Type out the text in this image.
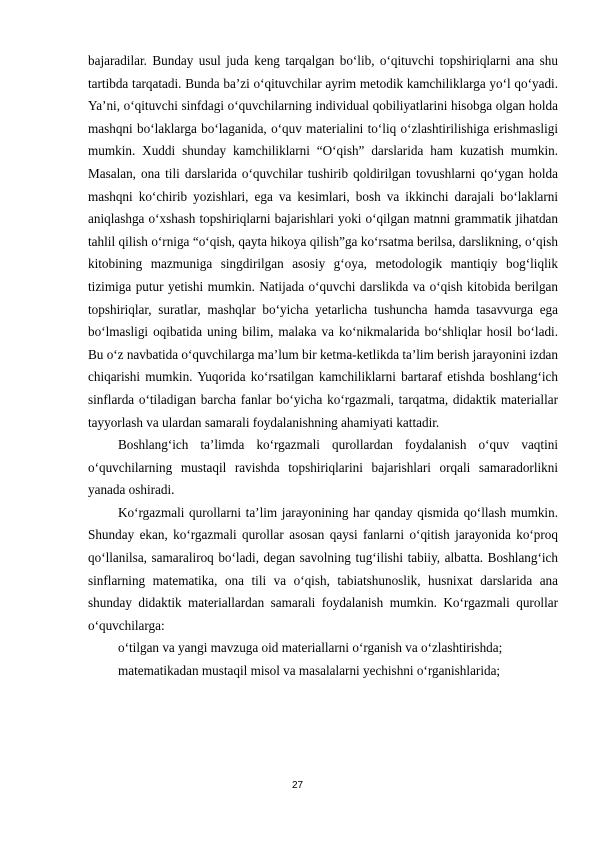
bajaradilar. Bunday usul juda keng tarqalgan bo‘lib, o‘qituvchi topshiriqlarni ana shu tartibda tarqatadi. Bunda ba’zi o‘qituvchilar ayrim metodik kamchiliklarga yo‘l qo‘yadi. Ya’ni, o‘qituvchi sinfdagi o‘quvchilarning individual qobiliyatlarini hisobga olgan holda mashqni bo‘laklarga bo‘laganida, o‘quv materialini to‘liq o‘zlashtirilishiga erishmasligi mumkin. Xuddi shunday kamchiliklarni “O‘qish” darslarida ham kuzatish mumkin. Masalan, ona tili darslarida o‘quvchilar tushirib qoldirilgan tovushlarni qo‘ygan holda mashqni ko‘chirib yozishlari, ega va kesimlari, bosh va ikkinchi darajali bo‘laklarni aniqlashga o‘xshash topshiriqlarni bajarishlari yoki o‘qilgan matnni grammatik jihatdan tahlil qilish o‘rniga “o‘qish, qayta hikoya qilish”ga ko‘rsatma berilsa, darslikning, o‘qish kitobining mazmuniga singdirilgan asosiy g‘oya, metodologik mantiqiy bog‘liqlik tizimiga putur yetishi mumkin. Natijada o‘quvchi darslikda va o‘qish kitobida berilgan topshiriqlar, suratlar, mashqlar bo‘yicha yetarlicha tushuncha hamda tasavvurga ega bo‘lmasligi oqibatida uning bilim, malaka va ko‘nikmalarida bo‘shliqlar hosil bo‘ladi. Bu o‘z navbatida o‘quvchilarga ma’lum bir ketma-ketlikda ta’lim berish jarayonini izdan chiqarishi mumkin. Yuqorida ko‘rsatilgan kamchiliklarni bartaraf etishda boshlang‘ich sinflarda o‘tiladigan barcha fanlar bo‘yicha ko‘rgazmali, tarqatma, didaktik materiallar tayyorlash va ulardan samarali foydalanishning ahamiyati kattadir.

Boshlang‘ich ta’limda ko‘rgazmali qurollardan foydalanish o‘quv vaqtini o‘quvchilarning mustaqil ravishda topshiriqlarini bajarishlari orqali samaradorlikni yanada oshiradi.

Ko‘rgazmali qurollarni ta’lim jarayonining har qanday qismida qo‘llash mumkin. Shunday ekan, ko‘rgazmali qurollar asosan qaysi fanlarni o‘qitish jarayonida ko‘proq qo‘llanilsa, samaraliroq bo‘ladi, degan savolning tug‘ilishi tabiiy, albatta. Boshlang‘ich sinflarning matematika, ona tili va o‘qish, tabiatshunoslik, husnixat darslarida ana shunday didaktik materiallardan samarali foydalanish mumkin. Ko‘rgazmali qurollar o‘quvchilarga:

o‘tilgan va yangi mavzuga oid materiallarni o‘rganish va o‘zlashtirishda;

matematikadan mustaqil misol va masalalarni yechishni o‘rganishlarida;

27
